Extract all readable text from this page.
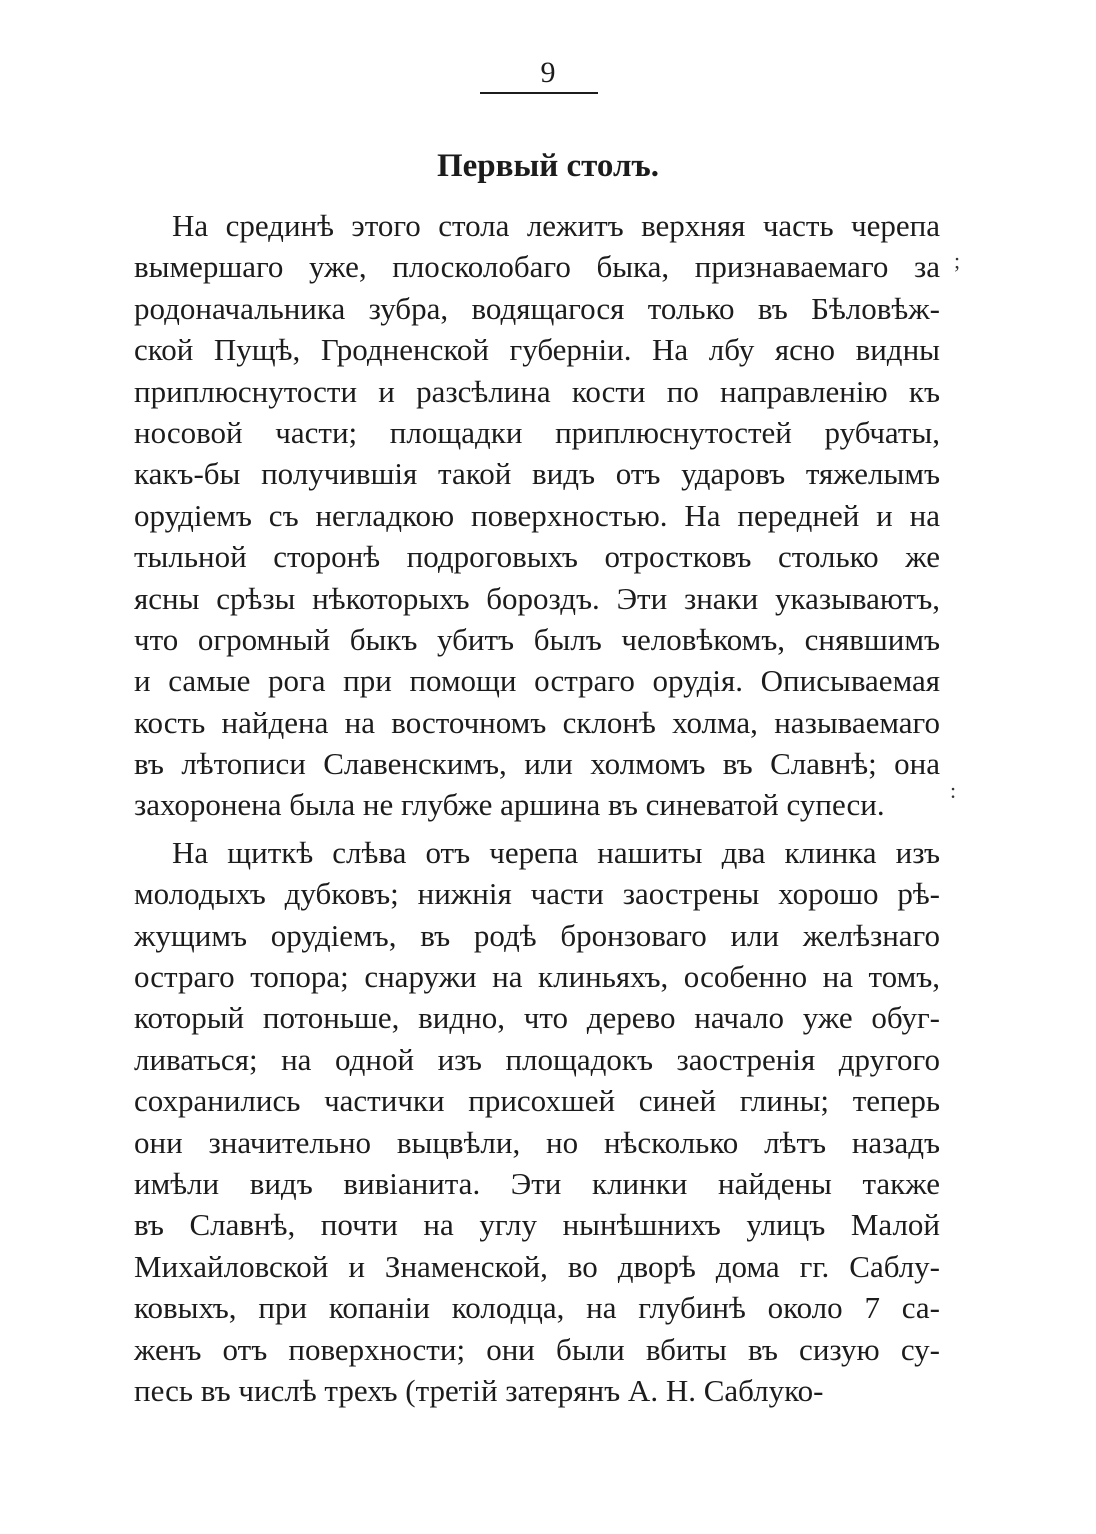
9
Первый столъ.
На срединѣ этого стола лежитъ верхняя часть черепа
вымершаго уже, плосколобаго быка, признаваемаго за
родоначальника зубра, водящагося только въ Бѣловѣж-
ской Пущѣ, Гродненской губерніи. На лбу ясно видны
приплюснутости и разсѣлина кости по направленію къ
носовой части; площадки приплюснутостей рубчаты,
какъ-бы получившія такой видъ отъ ударовъ тяжелымъ
орудіемъ съ негладкою поверхностью. На передней и на
тыльной сторонѣ подроговыхъ отростковъ столько же
ясны срѣзы нѣкоторыхъ бороздъ. Эти знаки указываютъ,
что огромный быкъ убитъ былъ человѣкомъ, снявшимъ
и самые рога при помощи остраго орудія. Описываемая
кость найдена на восточномъ склонѣ холма, называемаго
въ лѣтописи Славенскимъ, или холмомъ въ Славнѣ; она
захоронена была не глубже аршина въ синеватой супеси.
На щиткѣ слѣва отъ черепа нашиты два клинка изъ
молодыхъ дубковъ; нижнія части заострены хорошо рѣ-
жущимъ орудіемъ, въ родѣ бронзоваго или желѣзнаго
остраго топора; снаружи на клиньяхъ, особенно на томъ,
который потоньше, видно, что дерево начало уже обуг-
ливаться; на одной изъ площадокъ заостренія другого
сохранились частички присохшей синей глины; теперь
они значительно выцвѣли, но нѣсколько лѣтъ назадъ
имѣли видъ вивіанита. Эти клинки найдены также
въ Славнѣ, почти на углу нынѣшнихъ улицъ Малой
Михайловской и Знаменской, во дворѣ дома гг. Саблу-
ковыхъ, при копаніи колодца, на глубинѣ около 7 са-
женъ отъ поверхности; они были вбиты въ сизую су-
песь въ числѣ трехъ (третій затерянъ А. Н. Саблуко-
;
:
